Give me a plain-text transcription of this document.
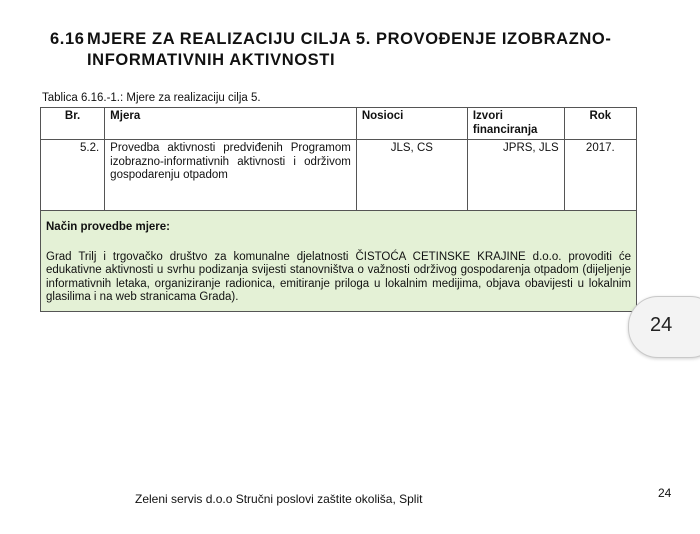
6.16 MJERE ZA REALIZACIJU CILJA 5. PROVOĐENJE IZOBRAZNO-
INFORMATIVNIH AKTIVNOSTI
Tablica 6.16.-1.: Mjere za realizaciju cilja 5.
Br.	Mjera	Nosioci	Izvori financiranja	Rok
5.2.	Provedba aktivnosti predviđenih Programom izobrazno-informativnih aktivnosti i održivom gospodarenju otpadom	JLS, CS	JPRS, JLS	2017.

Način provedbe mjere:
Grad Trilj i trgovačko društvo za komunalne djelatnosti ČISTOĆA CETINSKE KRAJINE d.o.o. provoditi će edukativne aktivnosti u svrhu podizanja svijesti stanovništva o važnosti održivog gospodarenja otpadom (dijeljenje informativnih letaka, organiziranje radionica, emitiranje priloga u lokalnim medijima, objava obavijesti u lokalnim glasilima i na web stranicama Grada).				
24
Zeleni servis d.o.o Stručni poslovi zaštite okoliša, Split	24
